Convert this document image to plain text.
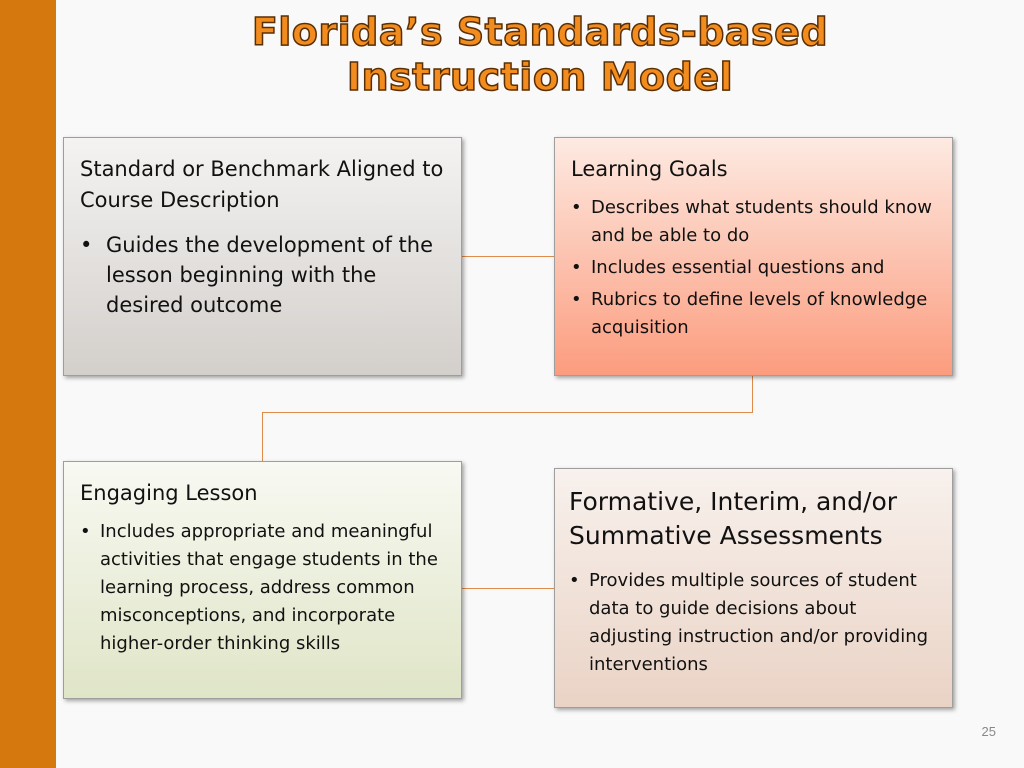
Florida’s Standards-based
Instruction Model

Standard or Benchmark Aligned to Course Description

• Guides the development of the lesson beginning with the desired outcome

Learning Goals

• Describes what students should know and be able to do
• Includes essential questions and
• Rubrics to define levels of knowledge acquisition

Engaging Lesson

• Includes appropriate and meaningful activities that engage students in the learning process, address common misconceptions, and incorporate higher-order thinking skills

Formative, Interim, and/or Summative Assessments

• Provides multiple sources of student data to guide decisions about adjusting instruction and/or providing interventions
25
